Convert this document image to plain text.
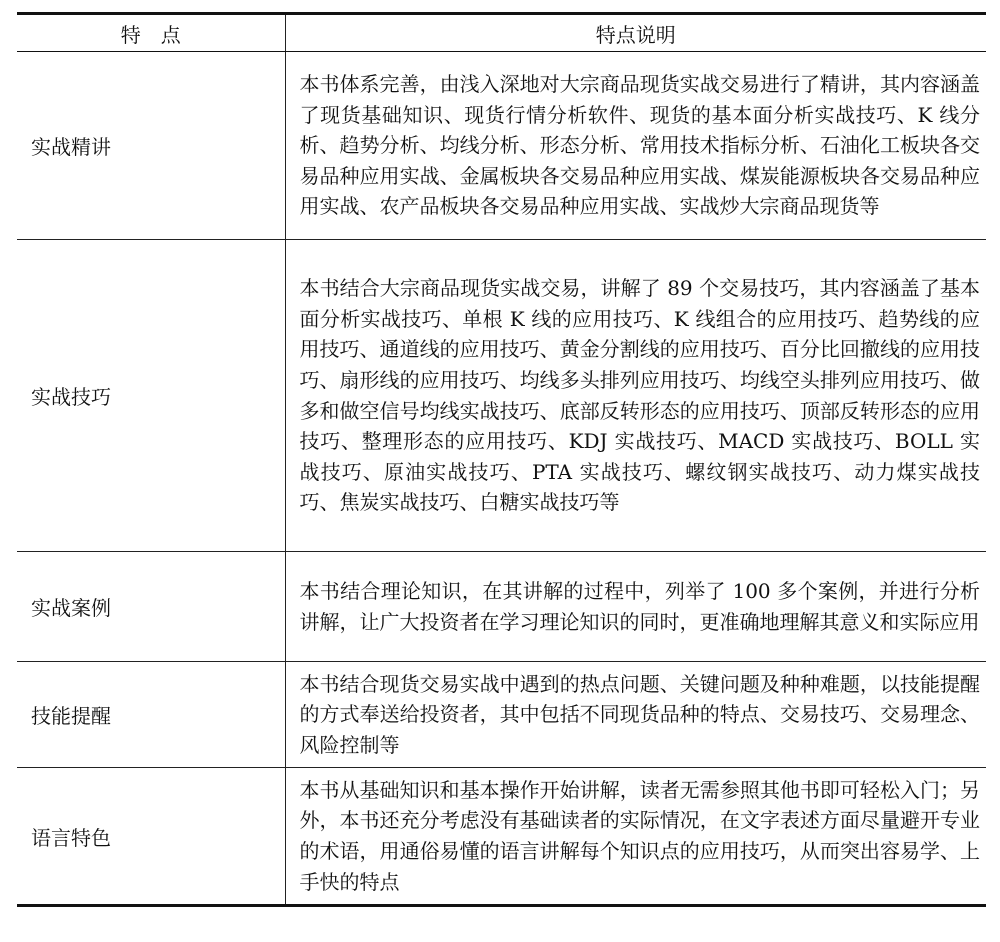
特 点	特点说明
实战精讲	本书体系完善，由浅入深地对大宗商品现货实战交易进行了精讲，其内容涵盖了现货基础知识、现货行情分析软件、现货的基本面分析实战技巧、K 线分析、趋势分析、均线分析、形态分析、常用技术指标分析、石油化工板块各交易品种应用实战、金属板块各交易品种应用实战、煤炭能源板块各交易品种应用实战、农产品板块各交易品种应用实战、实战炒大宗商品现货等
实战技巧	本书结合大宗商品现货实战交易，讲解了 89 个交易技巧，其内容涵盖了基本面分析实战技巧、单根 K 线的应用技巧、K 线组合的应用技巧、趋势线的应用技巧、通道线的应用技巧、黄金分割线的应用技巧、百分比回撤线的应用技巧、扇形线的应用技巧、均线多头排列应用技巧、均线空头排列应用技巧、做多和做空信号均线实战技巧、底部反转形态的应用技巧、顶部反转形态的应用技巧、整理形态的应用技巧、KDJ 实战技巧、MACD 实战技巧、BOLL 实战技巧、原油实战技巧、PTA 实战技巧、螺纹钢实战技巧、动力煤实战技巧、焦炭实战技巧、白糖实战技巧等
实战案例	本书结合理论知识，在其讲解的过程中，列举了 100 多个案例，并进行分析讲解，让广大投资者在学习理论知识的同时，更准确地理解其意义和实际应用
技能提醒	本书结合现货交易实战中遇到的热点问题、关键问题及种种难题，以技能提醒的方式奉送给投资者，其中包括不同现货品种的特点、交易技巧、交易理念、风险控制等
语言特色	本书从基础知识和基本操作开始讲解，读者无需参照其他书即可轻松入门；另外，本书还充分考虑没有基础读者的实际情况，在文字表述方面尽量避开专业的术语，用通俗易懂的语言讲解每个知识点的应用技巧，从而突出容易学、上手快的特点
